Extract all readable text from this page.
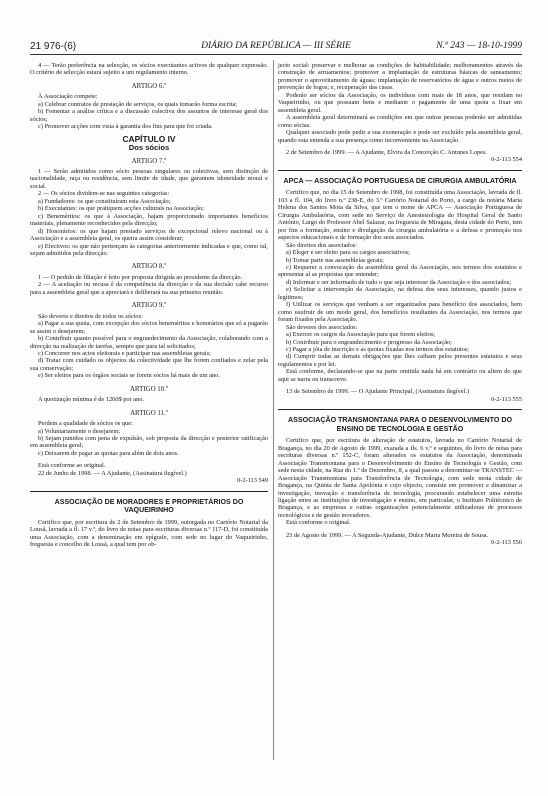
21 976-(6)	DIÁRIO DA REPÚBLICA — III SÉRIE	N.º 243 — 18-10-1999

4 — Terão preferência na selecção, os sócios executantes activos de qualquer expressão. O critério de selecção estará sujeito a um regulamento interno.

ARTIGO 6.º

À Associação compete:

a) Celebrar contratos de prestação de serviços, os quais tomarão forma escrita;

b) Fomentar a análise crítica e a discussão colectiva dos assuntos de interesse geral dos sócios;

c) Promover acções com vista à garantia dos fins para que foi criada.

CAPÍTULO IV

Dos sócios

ARTIGO 7.º

1 — Serão admitidos como sócio pessoas singulares ou colectivas, sem distinção de nacionalidade, raça ou residência, sem limite de idade, que garantem idoneidade moral e social.

2 — Os sócios dividem-se nas seguintes categorias:

a) Fundadores: os que constituíram esta Associação;

b) Executantes: os que pratiquem acções culturais na Associação;

c) Beneméritos: os que à Associação, hajam proporcionado importantes benefícios materiais, plenamente reconhecidos pela direcção;

d) Honorários: os que hajam prestado serviços de excepcional relevo nacional ou à Associação e a assembleia geral, os queira assim considerar;

e) Efectivos: os que não pertençam às categorias anteriormente indicadas e que, como tal, sejam admitidos pela direcção.

ARTIGO 8.º

1 — O pedido de filiação é feito por proposta dirigida ao presidente da direcção.

2 — A aceitação ou recusa é da competência da direcção e da sua decisão cabe recurso para a assembleia geral que a apreciará e deliberará na sua primeira reunião.

ARTIGO 9.º

São deveres e direitos de todos os sócios:

a) Pagar a sua quota, com excepção dos sócios beneméritos e honorários que só a pagarão se assim o desejarem;

b) Contribuir quanto possível para o engrandecimento da Associação, colaborando com a direcção na realização de tarefas, sempre que para tal solicitados;

c) Concorrer nos actos eleitorais e participar nas assembleias gerais;

d) Tratar com cuidado os objectos da colectividade que lhe forem confiados e zelar pela sua conservação;

e) Ser eleitos para os órgãos sociais se forem sócios há mais de um ano.

ARTIGO 10.º

A quotização mínima é de 1200$ por ano.

ARTIGO 11.º

Perdem a qualidade de sócios os que:

a) Voluntariamente o desejarem;

b) Sejam punidos com pena de expulsão, sob proposta da direcção e posterior ratificação em assembleia geral;

c) Deixarem de pagar as quotas para além de dois anos.

Está conforme ao original.

22 de Junho de 1998. — A Ajudante, (Assinatura ilegível.)

0-2-113 549

ASSOCIAÇÃO DE MORADORES E PROPRIETÁRIOS DO VAQUEIRINHO

Certifico que, por escritura de 2 de Setembro de 1999, outorgada no Cartório Notarial da Lousã, lavrada a fl. 17 v.º, do livro de notas para escrituras diversas n.º 117-D, foi constituída uma Associação, com a denominação em epígrafe, com sede no lugar do Vaqueirinho, freguesia e concelho de Lousã, a qual tem por ob-

jecto social: preservar e melhorar as condições de habitabilidade; melhoramentos através da construção de arruamentos; promover a implantação de estruturas básicas de saneamento; promover o aproveitamento de águas; implantação de reservatórios de água e outros meios de prevenção de fogos; e, recuperação das casas.

Poderão ser sócios da Associação, os indivíduos com mais de 18 anos, que residam no Vaqueirinho, ou que possuam bens e mediante o pagamento de uma quota a fixar em assembleia geral.

A assembleia geral determinará as condições em que outras pessoas poderão ser admitidas como sócias.

Qualquer associado pode pedir a sua exoneração e pode ser excluído pela assembleia geral, quando esta entenda a sua presença como inconveniente na Associação.

2 de Setembro de 1999. — A Ajudante, Elvira da Conceição C. Antunes Lopes.

0-2-113 554

APCA — ASSOCIAÇÃO PORTUGUESA DE CIRURGIA AMBULATÓRIA

Certifico que, no dia 15 de Setembro de 1998, foi constituída uma Associação, lavrada de fl. 103 a fl. 104, do livro n.º 238-E, do 3.º Cartório Notarial do Porto, a cargo da notária Maria Helena dos Santos Mota da Silva, que tem o nome de APCA — Associação Portuguesa de Cirurgia Ambulatória, com sede no Serviço de Anestesiologia do Hospital Geral de Santo António, Largo do Professor Abel Salazar, na freguesia de Miragaia, desta cidade do Porto, tem por fim a formação, ensino e divulgação da cirurgia ambulatória e a defesa e promoção nos aspectos educacionais e de formação dos seus associados.

São direitos dos associados:

a) Eleger e ser eleito para os cargos associativos;

b) Tomar parte nas assembleias gerais;

c) Requerer a convocação da assembleia geral da Associação, nos termos dos estatutos e apresentar al as propostas que entender;

d) Informar e ser informado de tudo o que seja interesse da Associação e dos associados;

e) Solicitar a intervenção da Associação, na defesa dos seus interesses, quando justos e legítimos;

f) Utilizar os serviços que venham a ser organizados para benefício dos associados, bem como usufruir de um modo geral, dos benefícios resultantes da Associação, nos termos que foram fixados pela Associação.

São deveres dos associados:

a) Exercer os cargos da Associação para que forem eleitos;

b) Contribuir para o engrandecimento e progresso da Associação;

c) Pagar a jóia de inscrição e as quotas fixadas nos termos dos estatutos;

d) Cumprir todas as demais obrigações que lhes caibam pelos presentes estatutos e seus regulamentos e por lei.

Está conforme, declarando-se que na parte omitida nada há em contrário ou aliem do que aqui se narra ou transcreve.

13 de Setembro de 1999. — O Ajudante Principal, (Assinatura ilegível.)

0-2-113 555

ASSOCIAÇÃO TRANSMONTANA PARA O DESENVOLVIMENTO DO ENSINO DE TECNOLOGIA E GESTÃO

Certifico que, por escritura de alteração de estatutos, lavrada no Cartório Notarial de Bragança, no dia 20 de Agosto de 1999, exarada a fls. 6 v.º e seguintes, do livro de notas para escrituras diversas n.º 152-C, foram alterados os estatutos da Associação, denominada Associação Transmontana para o Desenvolvimento do Ensino de Tecnologia e Gestão, com sede nesta cidade, na Rua do 1.º de Dezembro, 8, a qual passou a denominar-se TRANSTEC — Associação Transmontana para Transferência de Tecnologia, com sede nesta cidade de Bragança, na Quinta de Santa Apolónia e cujo objecto, consiste em promover e dinamizar a investigação, inovação e transferência de tecnologia, procurando estabelecer uma estreita ligação entre as instituições de investigação e ensino, em particular, o Instituto Politécnico de Bragança, e as empresas e outras organizações potencialmente utilizadoras de processos tecnológicos e de gestão inovadores.

Está conforme o original.

23 de Agosto de 1999. — A Segunda-Ajudante, Dulce Maria Moreira de Sousa.

0-2-113 556
